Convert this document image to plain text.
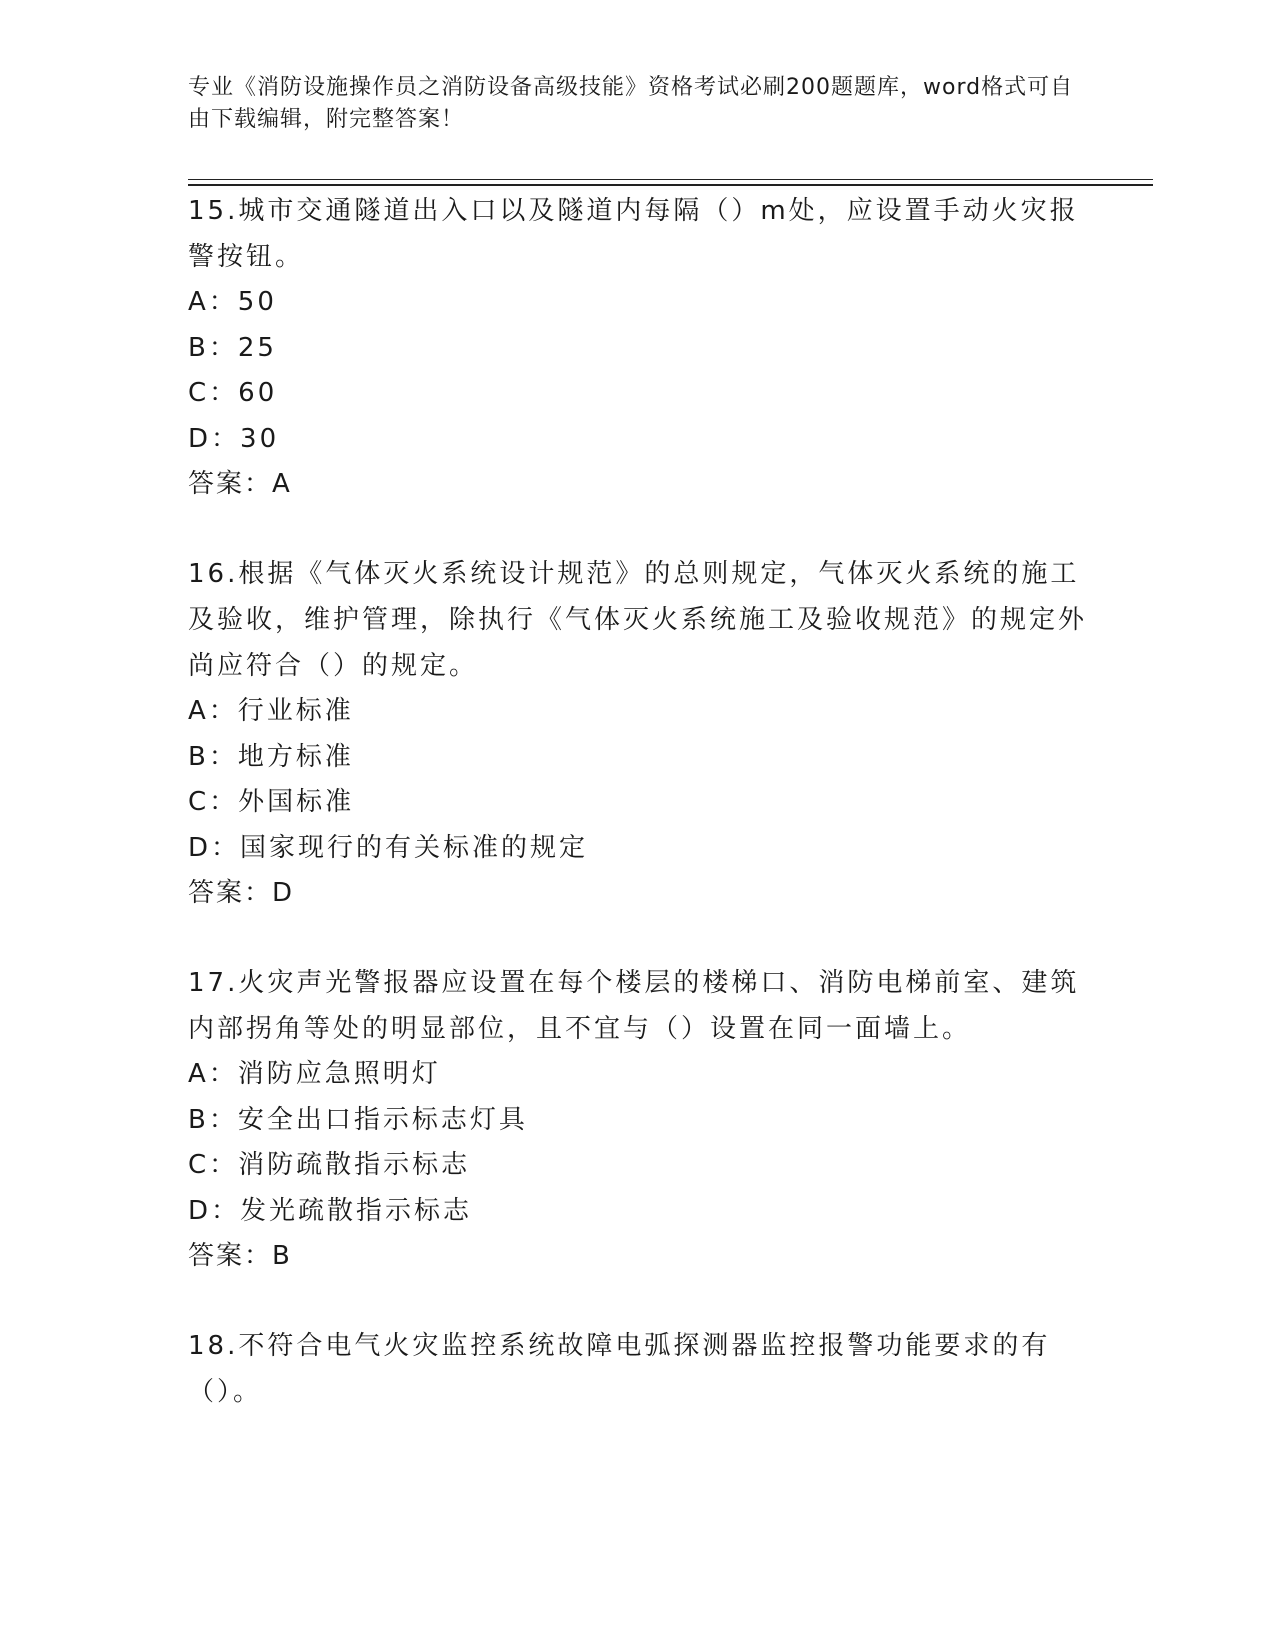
专业《消防设施操作员之消防设备高级技能》资格考试必刷200题题库，word格式可自由下载编辑，附完整答案！

15.城市交通隧道出入口以及隧道内每隔（）m处，应设置手动火灾报警按钮。

A：50

B：25

C：60

D：30

答案：A

16.根据《气体灭火系统设计规范》的总则规定，气体灭火系统的施工及验收，维护管理，除执行《气体灭火系统施工及验收规范》的规定外尚应符合（）的规定。

A：行业标准

B：地方标准

C：外国标准

D：国家现行的有关标准的规定

答案：D

17.火灾声光警报器应设置在每个楼层的楼梯口、消防电梯前室、建筑内部拐角等处的明显部位，且不宜与（）设置在同一面墙上。

A：消防应急照明灯

B：安全出口指示标志灯具

C：消防疏散指示标志

D：发光疏散指示标志

答案：B

18.不符合电气火灾监控系统故障电弧探测器监控报警功能要求的有（）。
